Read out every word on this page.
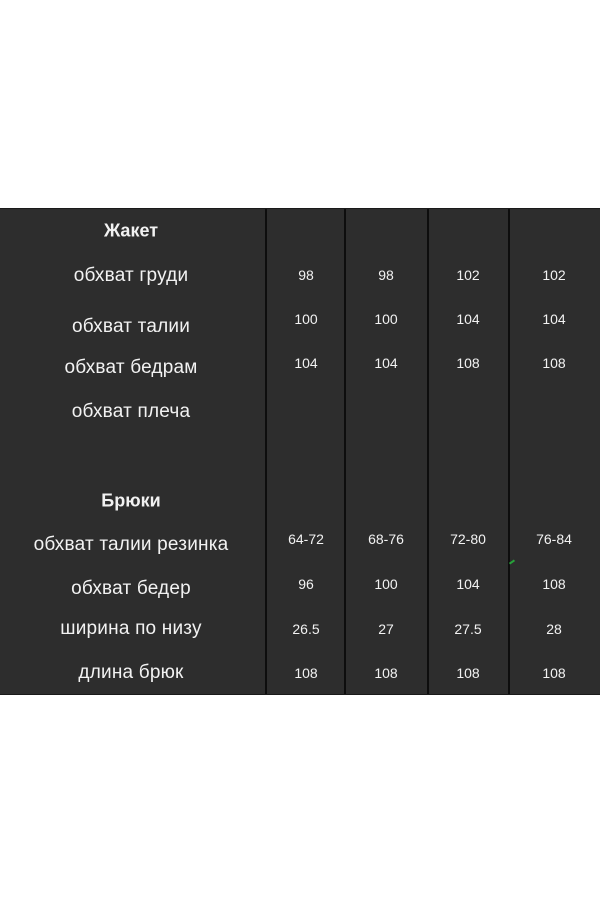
Жакет
обхват груди	98	98	102	102
обхват талии	100	100	104	104
обхват бедрам	104	104	108	108
обхват плеча
Брюки
обхват талии резинка	64-72	68-76	72-80	76-84
обхват бедер	96	100	104	108
ширина по низу	26.5	27	27.5	28
длина брюк	108	108	108	108
